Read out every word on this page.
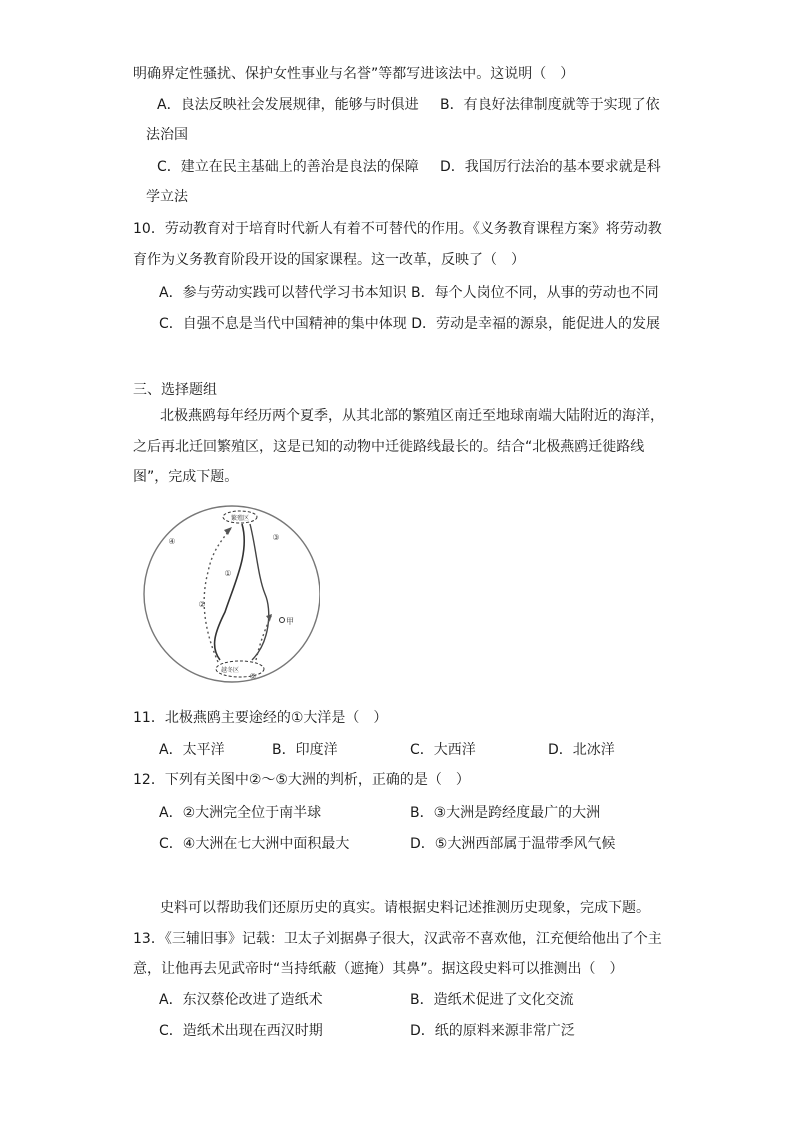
明确界定性骚扰、保护女性事业与名誉”等都写进该法中。这说明（　）
A．良法反映社会发展规律，能够与时俱进 B．有良好法律制度就等于实现了依
法治国
C．建立在民主基础上的善治是良法的保障 D．我国厉行法治的基本要求就是科
学立法
10．劳动教育对于培育时代新人有着不可替代的作用。《义务教育课程方案》将劳动教
育作为义务教育阶段开设的国家课程。这一改革，反映了（　）
A．参与劳动实践可以替代学习书本知识 B．每个人岗位不同，从事的劳动也不同
C．自强不息是当代中国精神的集中体现 D．劳动是幸福的源泉，能促进人的发展
三、选择题组
北极燕鸥每年经历两个夏季，从其北部的繁殖区南迁至地球南端大陆附近的海洋，
之后再北迁回繁殖区，这是已知的动物中迁徙路线最长的。结合“北极燕鸥迁徙路线
图”，完成下题。
繁殖区
越冬区
④	③
①
②
甲
⑤
11．北极燕鸥主要途经的①大洋是（　）
A．太平洋	B．印度洋	C．大西洋	D．北冰洋
12．下列有关图中②～⑤大洲的判析，正确的是（　）
A．②大洲完全位于南半球	B．③大洲是跨经度最广的大洲
C．④大洲在七大洲中面积最大	D．⑤大洲西部属于温带季风气候
史料可以帮助我们还原历史的真实。请根据史料记述推测历史现象，完成下题。
13．《三辅旧事》记载：卫太子刘据鼻子很大，汉武帝不喜欢他，江充便给他出了个主
意，让他再去见武帝时“当持纸蔽（遮掩）其鼻”。据这段史料可以推测出（　）
A．东汉蔡伦改进了造纸术	B．造纸术促进了文化交流
C．造纸术出现在西汉时期	D．纸的原料来源非常广泛
